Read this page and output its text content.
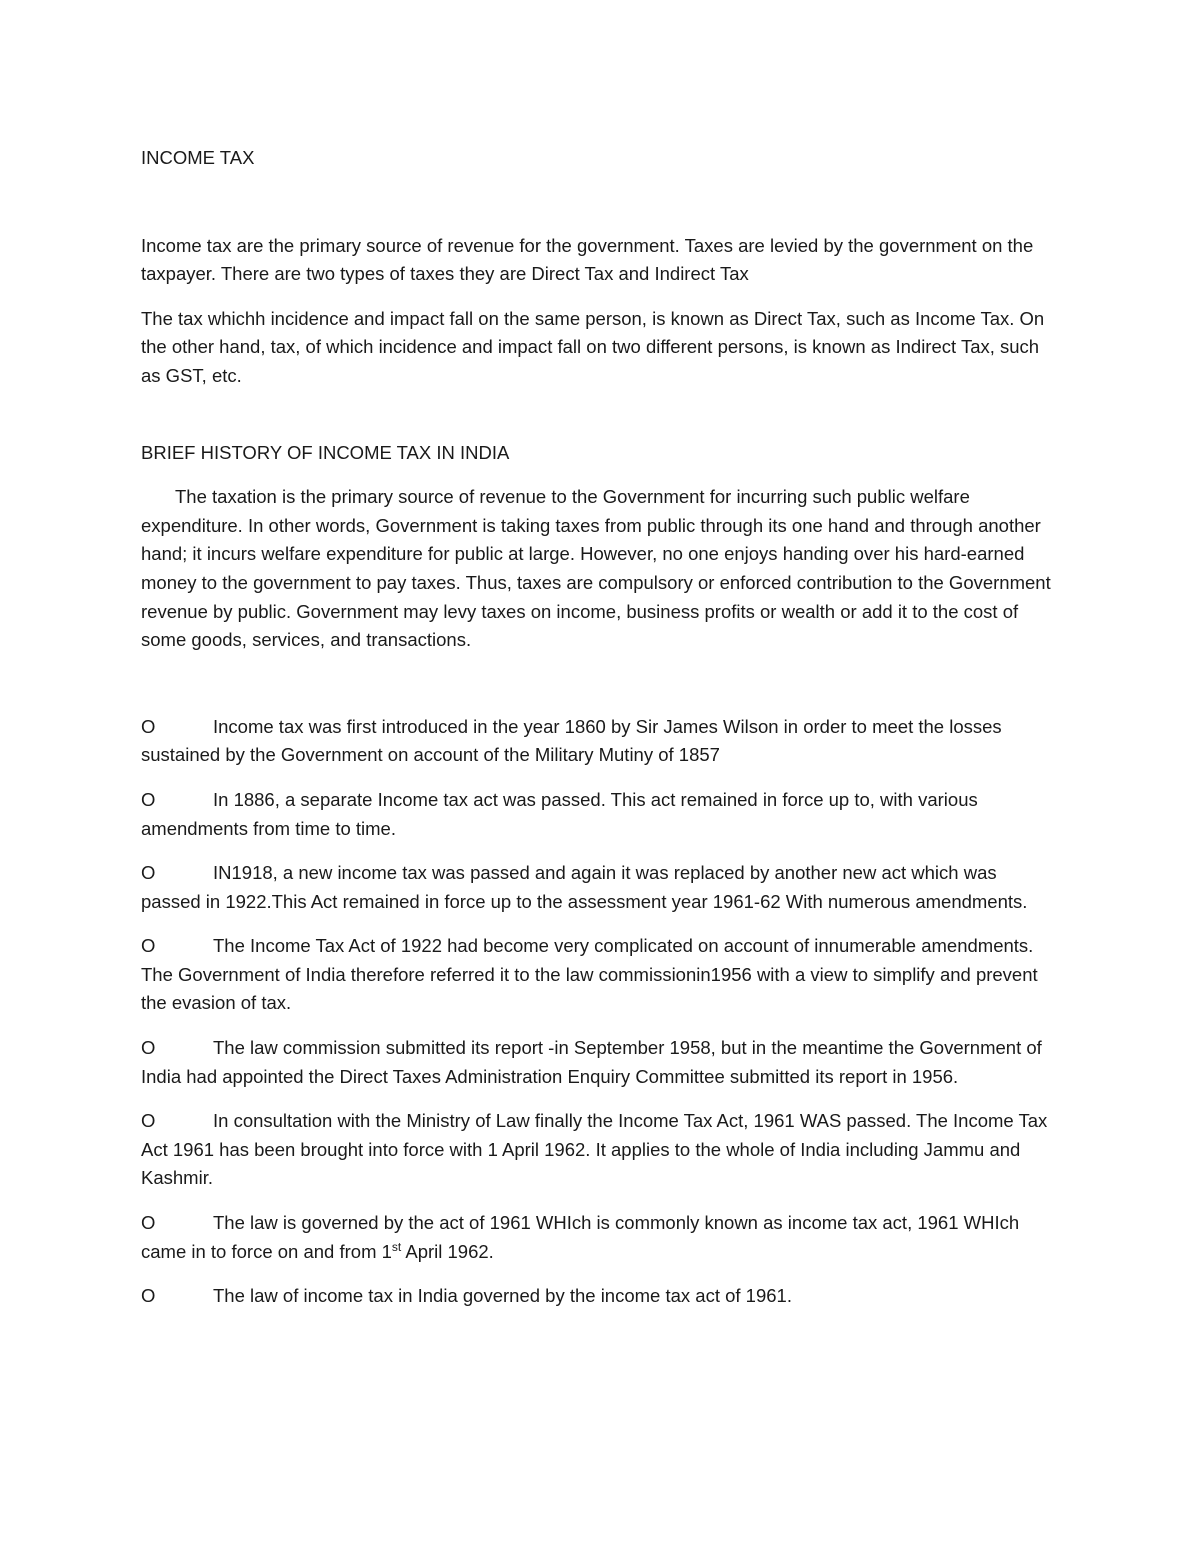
INCOME TAX

Income tax are the primary source of revenue for the government. Taxes are levied by the government on the taxpayer. There are two types of taxes they are Direct Tax and Indirect Tax

The tax whichh incidence and impact fall on the same person, is known as Direct Tax, such as Income Tax. On the other hand, tax, of which incidence and impact fall on two different persons, is known as Indirect Tax, such as GST, etc.

BRIEF HISTORY OF INCOME TAX IN INDIA

The taxation is the primary source of revenue to the Government for incurring such public welfare expenditure. In other words, Government is taking taxes from public through its one hand and through another hand; it incurs welfare expenditure for public at large. However, no one enjoys handing over his hard-earned money to the government to pay taxes. Thus, taxes are compulsory or enforced contribution to the Government revenue by public. Government may levy taxes on income, business profits or wealth or add it to the cost of some goods, services, and transactions.

O	Income tax was first introduced in the year 1860 by Sir James Wilson in order to meet the losses sustained by the Government on account of the Military Mutiny of 1857
O	In 1886, a separate Income tax act was passed. This act remained in force up to, with various amendments from time to time.
O	IN1918, a new income tax was passed and again it was replaced by another new act which was passed in 1922.This Act remained in force up to the assessment year 1961-62 With numerous amendments.
O	The Income Tax Act of 1922 had become very complicated on account of innumerable amendments. The Government of India therefore referred it to the law commissionin1956 with a view to simplify and prevent the evasion of tax.
O	The law commission submitted its report -in September 1958, but in the meantime the Government of India had appointed the Direct Taxes Administration Enquiry Committee submitted its report in 1956.
O	In consultation with the Ministry of Law finally the Income Tax Act, 1961 WAS passed. The Income Tax Act 1961 has been brought into force with 1 April 1962. It applies to the whole of India including Jammu and Kashmir.
O	The law is governed by the act of 1961 WHIch is commonly known as income tax act, 1961 WHIch came in to force on and from 1st April 1962.
O	The law of income tax in India governed by the income tax act of 1961.
